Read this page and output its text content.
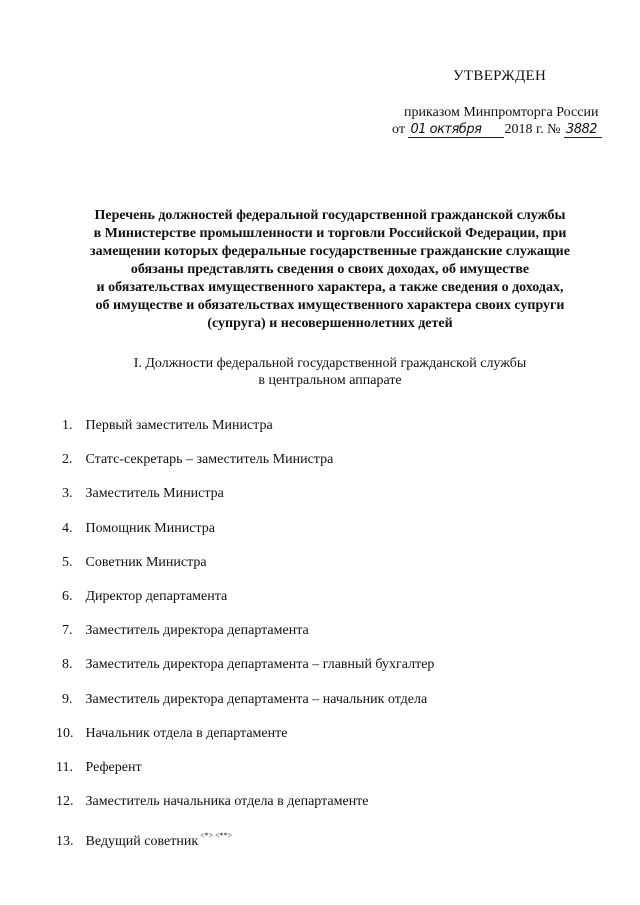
УТВЕРЖДЕН
приказом Минпромторга России
от 01 октября 2018 г. № 3882
Перечень должностей федеральной государственной гражданской службы
в Министерстве промышленности и торговли Российской Федерации, при
замещении которых федеральные государственные гражданские служащие
обязаны представлять сведения о своих доходах, об имуществе
и обязательствах имущественного характера, а также сведения о доходах,
об имуществе и обязательствах имущественного характера своих супруги
(супруга) и несовершеннолетних детей
I. Должности федеральной государственной гражданской службы
в центральном аппарате
1. Первый заместитель Министра
2. Статс-секретарь – заместитель Министра
3. Заместитель Министра
4. Помощник Министра
5. Советник Министра
6. Директор департамента
7. Заместитель директора департамента
8. Заместитель директора департамента – главный бухгалтер
9. Заместитель директора департамента – начальник отдела
10. Начальник отдела в департаменте
11. Референт
12. Заместитель начальника отдела в департаменте
13. Ведущий советник <*> <**>
